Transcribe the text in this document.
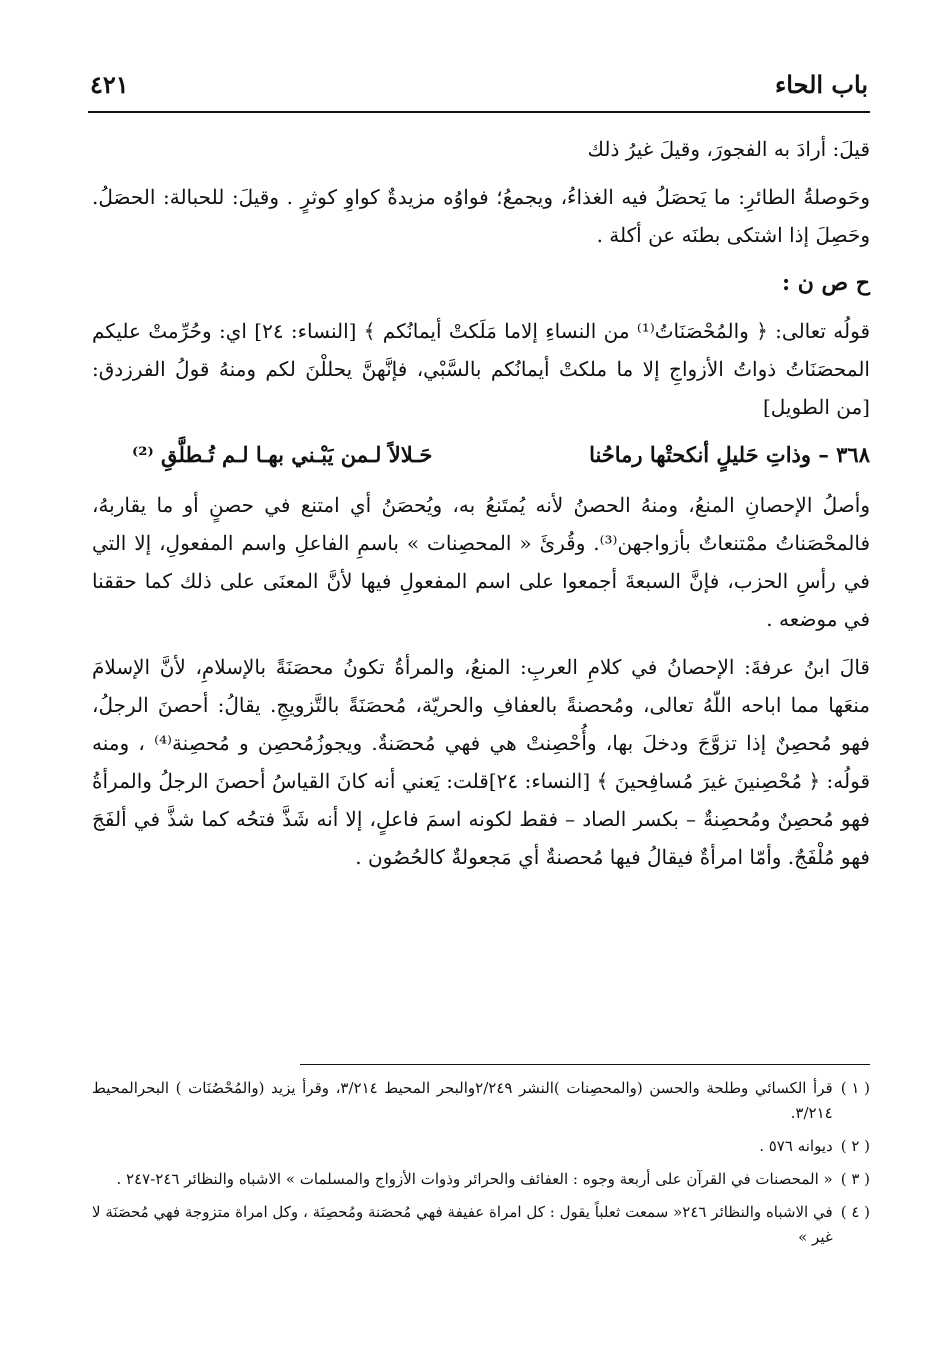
باب الحاء
٤٢١

قيلَ: أرادَ به الفجورَ، وقيلَ غيرُ ذلك

وحَوصلةُ الطائرِ: ما يَحصَلُ فيه الغذاءُ، ويجمعُ؛ فواوُه مزيدةٌ كواوِ كوثرٍ . وقيلَ: للحبالة: الحصَلُ. وحَصِلَ إذا اشتكى بطنَه عن أكلة .

ح ص ن :

قولُه تعالى: ﴿ والمُحْصَنَاتُ⁽¹⁾ من النساءِ إلاما مَلَكتْ أيمانُكم ﴾ [النساء: ٢٤] اي: وحُرِّمتْ عليكم المحصَنَاتُ ذواتُ الأزواجِ إلا ما ملكتْ أيمانُكم بالسَّبْي، فإنَّهنَّ يحللْنَ لكم ومنهُ قولُ الفرزدق: [من الطويل]

٣٦٨ – وذاتِ حَليلٍ أنكحتْها رماحُنا
حَـلالاً لـمن يَبْـني بهـا لـم تُـطلَّقِ ⁽²⁾

وأصلُ الإحصانِ المنعُ، ومنهُ الحصنُ لأنه يُمتَنعُ به، ويُحصَنُ أي امتنع في حصنٍ أو ما يقاربهُ، فالمحْصَناتُ ممْتنعاتٌ بأزواجهن⁽³⁾. وقُرئَ « المحصِنات » باسمِ الفاعلِ واسم المفعولِ، إلا التي في رأسِ الحزب، فإنَّ السبعةَ أجمعوا على اسم المفعولِ فيها لأنَّ المعنَى على ذلك كما حققنا في موضعه .

قالَ ابنُ عرفةَ: الإحصانُ في كلامِ العربِ: المنعُ، والمرأةُ تكونُ محصَنَةً بالإسلامِ، لأنَّ الإسلامَ منعَها مما اباحه اللّهُ تعالى، ومُحصنةً بالعفافِ والحريّة، مُحصَنَةً بالتَّزويجِ. يقالُ: أحصنَ الرجلُ، فهو مُحصِنٌ إذا تزوَّجَ ودخلَ بها، وأُحْصِنتْ هي فهي مُحصَنةٌ. ويجوزُمُحصِن و مُحصِنة⁽⁴⁾ ، ومنه قولُه: ﴿ مُحْصِنينَ غيرَ مُسافِحينَ ﴾ [النساء: ٢٤]قلت: يَعني أنه كانَ القياسُ أحصنَ الرجلُ والمرأةُ فهو مُحصِنٌ ومُحصِنةٌ – بكسر الصاد – فقط لكونه اسمَ فاعلٍ، إلا أنه شَذَّ فتحُه كما شذَّ في ألفَجَ فهو مُلْفَجٌ. وأمّا امرأةٌ فيقالُ فيها مُحصنةٌ أي مَجعولةٌ كالحُصُون .

( ١ )
قرأ الكسائي وطلحة والحسن (والمحصِنات )النشر ٢/٢٤٩والبحر المحيط ٣/٢١٤، وقرأ يزيد (والمُحْصُنَات ) البحرالمحيط ٣/٢١٤.
( ٢ )
ديوانه ٥٧٦ .
( ٣ )
« المحصنات في القرآن على أربعة وجوه : العفائف والحرائر وذوات الأزواج والمسلمات » الاشباه والنظائر ٢٤٦-٢٤٧ .
( ٤ )
في الاشباه والنظائر ٢٤٦« سمعت ثعلباً يقول : كل امراة عفيفة فهي مُحصَنة ومُحصِنَة ، وكل امراة متزوجة فهي مُحصَنَة لا غير »
